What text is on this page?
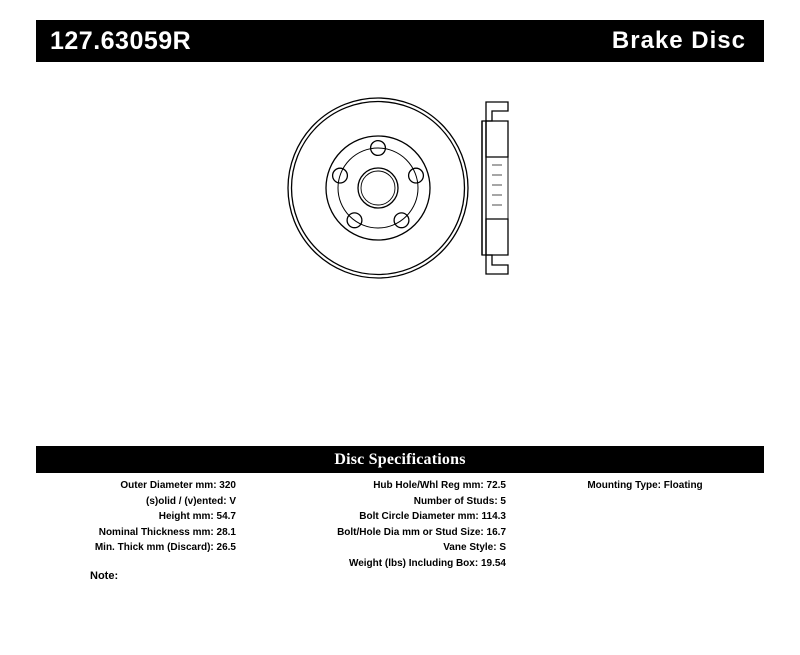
127.63059R	Brake Disc
Disc Specifications
Outer Diameter mm: 320
(s)olid / (v)ented: V
Height mm: 54.7
Nominal Thickness mm: 28.1
Min. Thick mm (Discard): 26.5
Hub Hole/Whl Reg mm: 72.5
Number of Studs: 5
Bolt Circle Diameter mm: 114.3
Bolt/Hole Dia mm or Stud Size: 16.7
Vane Style: S
Weight (lbs) Including Box: 19.54
Mounting Type: Floating
Note:
